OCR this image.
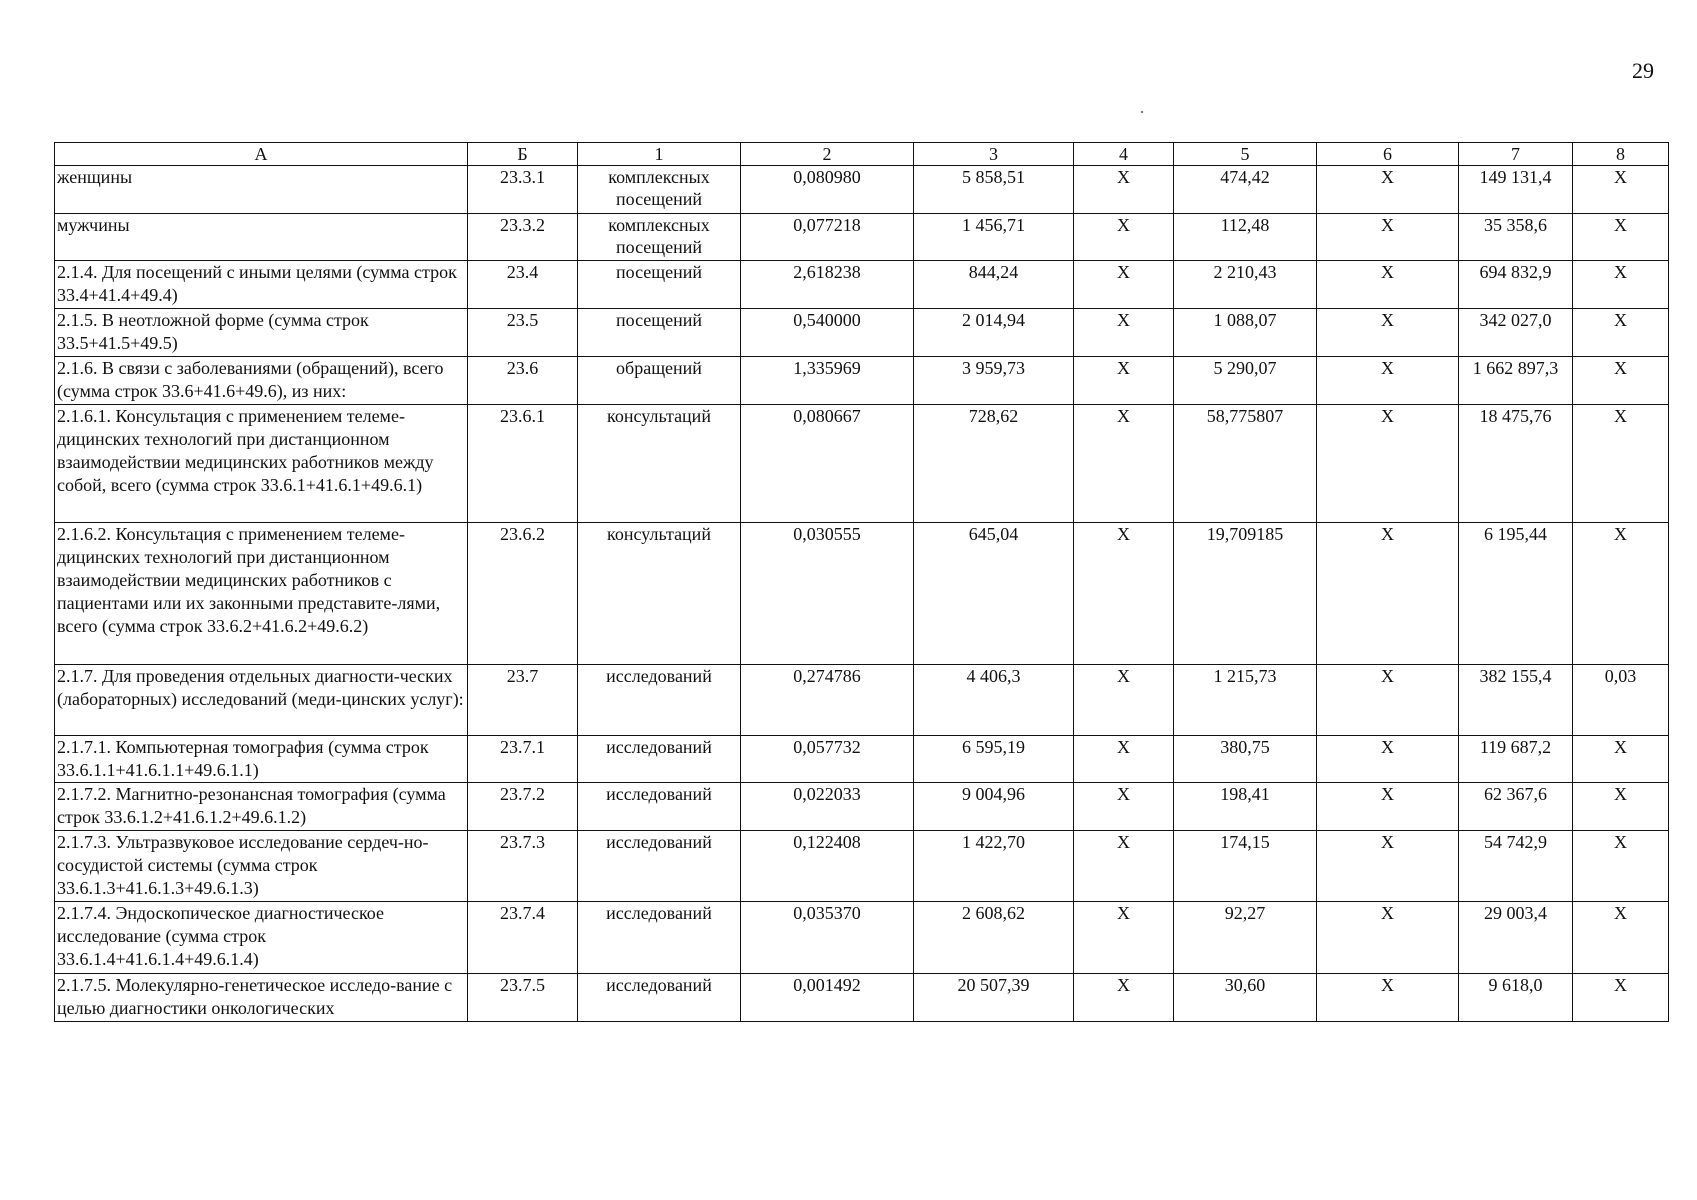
29
А	Б	1	2	3	4	5	6	7	8
женщины	23.3.1	комплексных посещений	0,080980	5 858,51	Х	474,42	Х	149 131,4	Х
мужчины	23.3.2	комплексных посещений	0,077218	1 456,71	Х	112,48	Х	35 358,6	Х
2.1.4. Для посещений с иными целями (сумма строк 33.4+41.4+49.4)	23.4	посещений	2,618238	844,24	Х	2 210,43	Х	694 832,9	Х
2.1.5. В неотложной форме (сумма строк 33.5+41.5+49.5)	23.5	посещений	0,540000	2 014,94	Х	1 088,07	Х	342 027,0	Х
2.1.6. В связи с заболеваниями (обращений), всего (сумма строк 33.6+41.6+49.6), из них:	23.6	обращений	1,335969	3 959,73	Х	5 290,07	Х	1 662 897,3	Х
2.1.6.1. Консультация с применением телеме-дицинских технологий при дистанционном взаимодействии медицинских работников между собой, всего (сумма строк 33.6.1+41.6.1+49.6.1)	23.6.1	консультаций	0,080667	728,62	Х	58,775807	Х	18 475,76	Х
2.1.6.2. Консультация с применением телеме-дицинских технологий при дистанционном взаимодействии медицинских работников с пациентами или их законными представите-лями, всего (сумма строк 33.6.2+41.6.2+49.6.2)	23.6.2	консультаций	0,030555	645,04	Х	19,709185	Х	6 195,44	Х
2.1.7. Для проведения отдельных диагности-ческих (лабораторных) исследований (меди-цинских услуг):	23.7	исследований	0,274786	4 406,3	Х	1 215,73	Х	382 155,4	0,03
2.1.7.1. Компьютерная томография (сумма строк 33.6.1.1+41.6.1.1+49.6.1.1)	23.7.1	исследований	0,057732	6 595,19	Х	380,75	Х	119 687,2	Х
2.1.7.2. Магнитно-резонансная томография (сумма строк 33.6.1.2+41.6.1.2+49.6.1.2)	23.7.2	исследований	0,022033	9 004,96	Х	198,41	Х	62 367,6	Х
2.1.7.3. Ультразвуковое исследование сердеч-но-сосудистой системы (сумма строк 33.6.1.3+41.6.1.3+49.6.1.3)	23.7.3	исследований	0,122408	1 422,70	Х	174,15	Х	54 742,9	Х
2.1.7.4. Эндоскопическое диагностическое исследование (сумма строк 33.6.1.4+41.6.1.4+49.6.1.4)	23.7.4	исследований	0,035370	2 608,62	Х	92,27	Х	29 003,4	Х
2.1.7.5. Молекулярно-генетическое исследо-вание с целью диагностики онкологических	23.7.5	исследований	0,001492	20 507,39	Х	30,60	Х	9 618,0	Х
